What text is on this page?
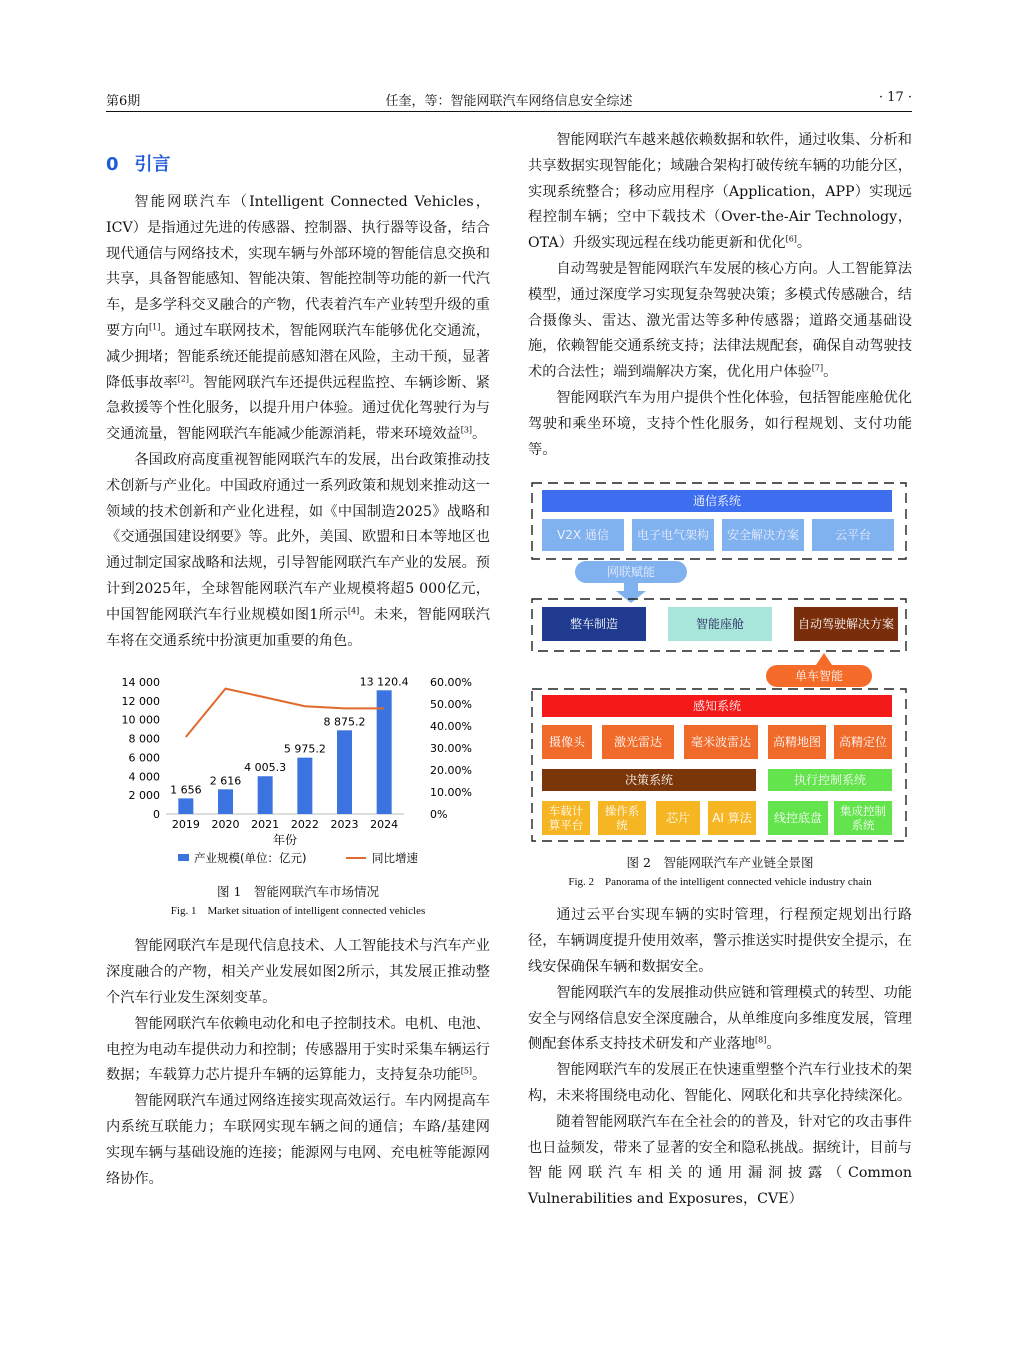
第6期	任奎，等：智能网联汽车网络信息安全综述	· 17 ·
0 引言

智能网联汽车（Intelligent Connected Vehicles，ICV）是指通过先进的传感器、控制器、执行器等设备，结合现代通信与网络技术，实现车辆与外部环境的智能信息交换和共享，具备智能感知、智能决策、智能控制等功能的新一代汽车，是多学科交叉融合的产物，代表着汽车产业转型升级的重要方向[1]。通过车联网技术，智能网联汽车能够优化交通流，减少拥堵；智能系统还能提前感知潜在风险，主动干预，显著降低事故率[2]。智能网联汽车还提供远程监控、车辆诊断、紧急救援等个性化服务，以提升用户体验。通过优化驾驶行为与交通流量，智能网联汽车能减少能源消耗，带来环境效益[3]。

各国政府高度重视智能网联汽车的发展，出台政策推动技术创新与产业化。中国政府通过一系列政策和规划来推动这一领域的技术创新和产业化进程，如《中国制造2025》战略和《交通强国建设纲要》等。此外，美国、欧盟和日本等地区也通过制定国家战略和法规，引导智能网联汽车产业的发展。预计到2025年，全球智能网联汽车产业规模将超5 000亿元，中国智能网联汽车行业规模如图1所示[4]。未来，智能网联汽车将在交通系统中扮演更加重要的角色。

0
2 000
4 000
6 000
8 000
10 000
12 000
14 000
0%
10.00%
20.00%
30.00%
40.00%
50.00%
60.00%
1 656
2019
2 616
2020
4 005.3
2021
5 975.2
2022
8 875.2
2023
13 120.4
2024
年份
产业规模(单位：亿元)	同比增速
图 1　智能网联汽车市场情况
Fig. 1　Market situation of intelligent connected vehicles

智能网联汽车是现代信息技术、人工智能技术与汽车产业深度融合的产物，相关产业发展如图2所示，其发展正推动整个汽车行业发生深刻变革。

智能网联汽车依赖电动化和电子控制技术。电机、电池、电控为电动车提供动力和控制；传感器用于实时采集车辆运行数据；车载算力芯片提升车辆的运算能力，支持复杂功能[5]。

智能网联汽车通过网络连接实现高效运行。车内网提高车内系统互联能力；车联网实现车辆之间的通信；车路/基建网实现车辆与基础设施的连接；能源网与电网、充电桩等能源网络协作。

智能网联汽车越来越依赖数据和软件，通过收集、分析和共享数据实现智能化；域融合架构打破传统车辆的功能分区，实现系统整合；移动应用程序（Application，APP）实现远程控制车辆；空中下载技术（Over-the-Air Technology，OTA）升级实现远程在线功能更新和优化[6]。

自动驾驶是智能网联汽车发展的核心方向。人工智能算法模型，通过深度学习实现复杂驾驶决策；多模式传感融合，结合摄像头、雷达、激光雷达等多种传感器；道路交通基础设施，依赖智能交通系统支持；法律法规配套，确保自动驾驶技术的合法性；端到端解决方案，优化用户体验[7]。

智能网联汽车为用户提供个性化体验，包括智能座舱优化驾驶和乘坐环境，支持个性化服务，如行程规划、支付功能等。

通信系统
V2X 通信 电子电气架构 安全解决方案	云平台
网联赋能
整车制造	智能座舱	自动驾驶解决方案
单车智能
感知系统
摄像头 激光雷达 毫米波雷达 高精地图 高精定位
决策系统	执行控制系统
车载计
算平台
操作系
统	芯片 AI 算法 线控底盘 集成控制
系统
图 2　智能网联汽车产业链全景图
Fig. 2　Panorama of the intelligent connected vehicle industry chain

通过云平台实现车辆的实时管理，行程预定规划出行路径，车辆调度提升使用效率，警示推送实时提供安全提示，在线安保确保车辆和数据安全。

智能网联汽车的发展推动供应链和管理模式的转型、功能安全与网络信息安全深度融合，从单维度向多维度发展，管理侧配套体系支持技术研发和产业落地[8]。

智能网联汽车的发展正在快速重塑整个汽车行业技术的架构，未来将围绕电动化、智能化、网联化和共享化持续深化。

随着智能网联汽车在全社会的的普及，针对它的攻击事件也日益频发，带来了显著的安全和隐私挑战。据统计，目前与智能网联汽车相关的通用漏洞披露（Common Vulnerabilities and Exposures，CVE）
